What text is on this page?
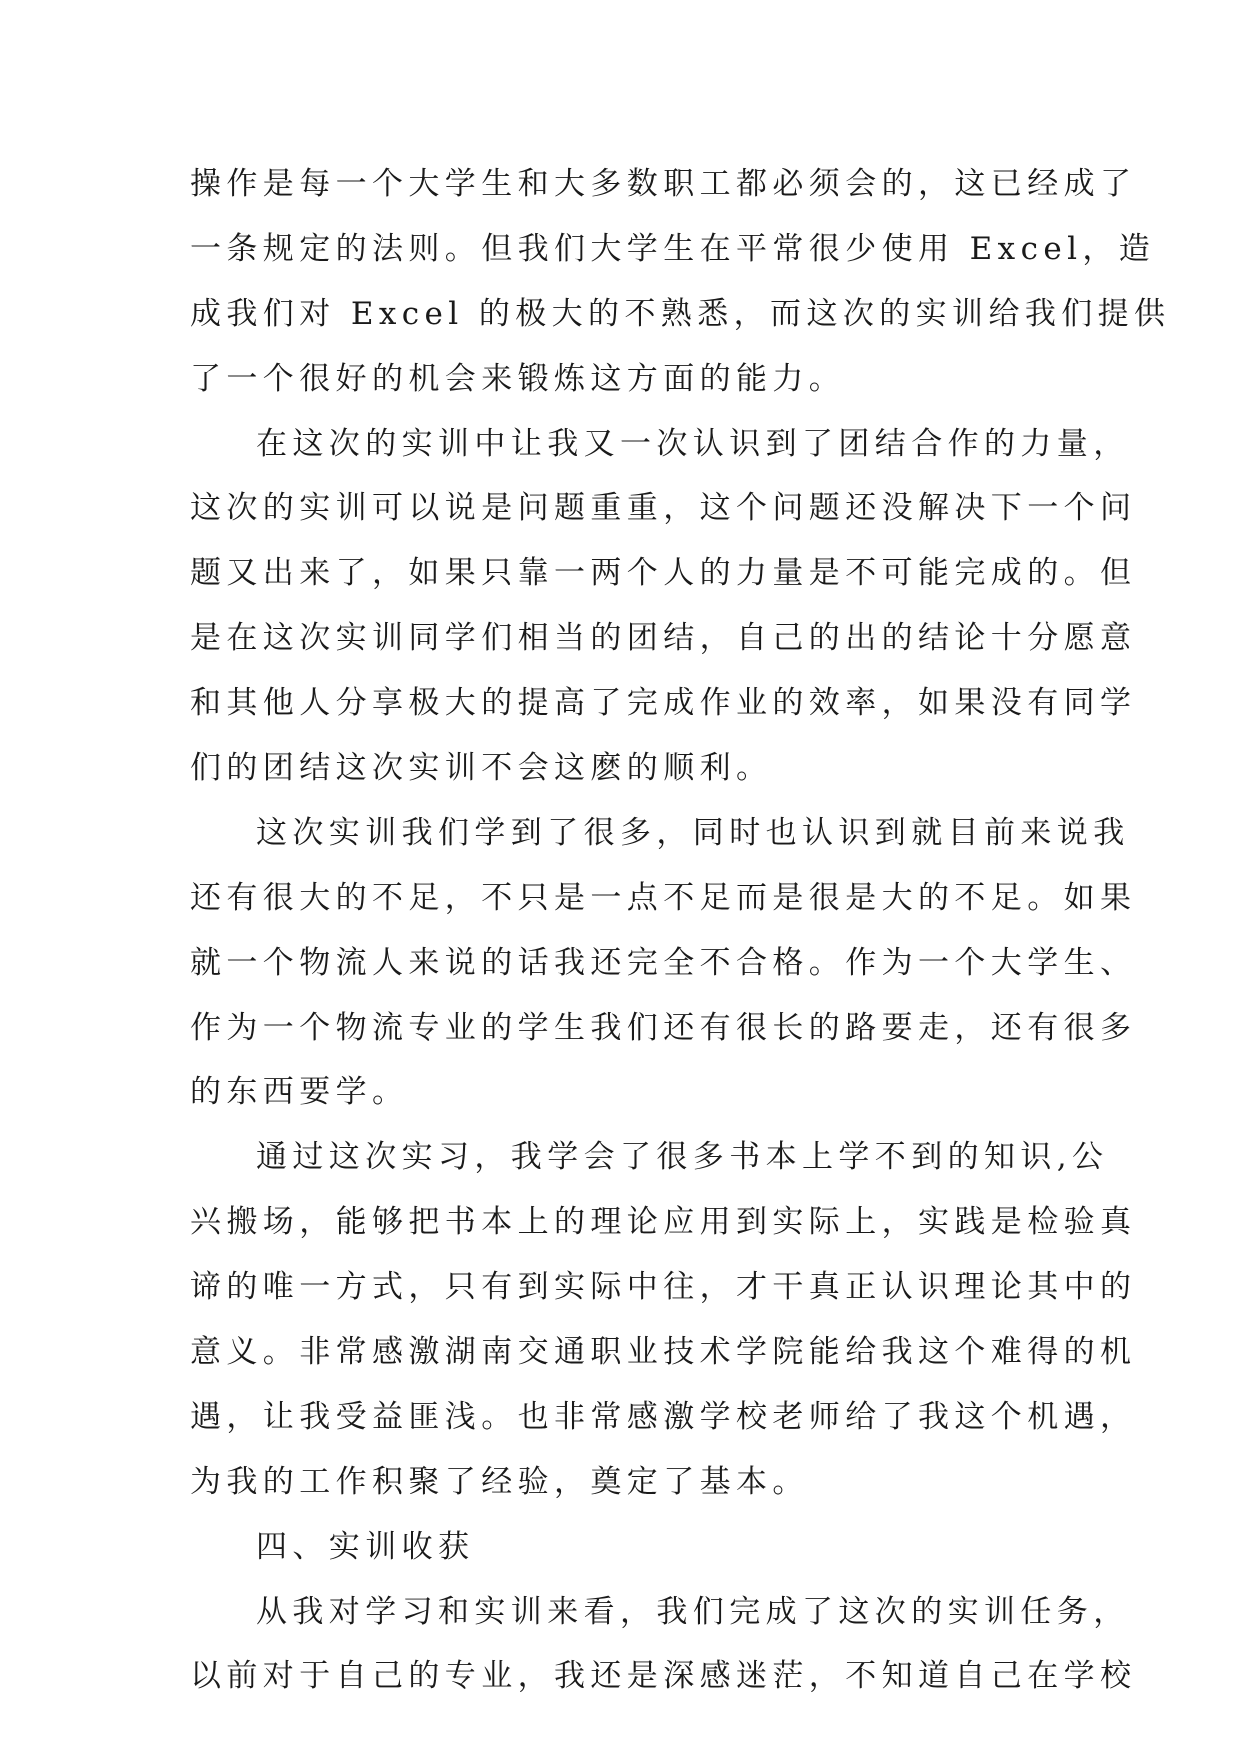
操作是每一个大学生和大多数职工都必须会的，这已经成了
一条规定的法则。但我们大学生在平常很少使用 Excel，造
成我们对 Excel 的极大的不熟悉，而这次的实训给我们提供
了一个很好的机会来锻炼这方面的能力。
在这次的实训中让我又一次认识到了团结合作的力量，
这次的实训可以说是问题重重，这个问题还没解决下一个问
题又出来了，如果只靠一两个人的力量是不可能完成的。但
是在这次实训同学们相当的团结，自己的出的结论十分愿意
和其他人分享极大的提高了完成作业的效率，如果没有同学
们的团结这次实训不会这麽的顺利。
这次实训我们学到了很多，同时也认识到就目前来说我
还有很大的不足，不只是一点不足而是很是大的不足。如果
就一个物流人来说的话我还完全不合格。作为一个大学生、
作为一个物流专业的学生我们还有很长的路要走，还有很多
的东西要学。
通过这次实习，我学会了很多书本上学不到的知识,公
兴搬场，能够把书本上的理论应用到实际上，实践是检验真
谛的唯一方式，只有到实际中往，才干真正认识理论其中的
意义。非常感激湖南交通职业技术学院能给我这个难得的机
遇，让我受益匪浅。也非常感激学校老师给了我这个机遇，
为我的工作积聚了经验，奠定了基本。
四、实训收获
从我对学习和实训来看，我们完成了这次的实训任务，
以前对于自己的专业，我还是深感迷茫，不知道自己在学校
